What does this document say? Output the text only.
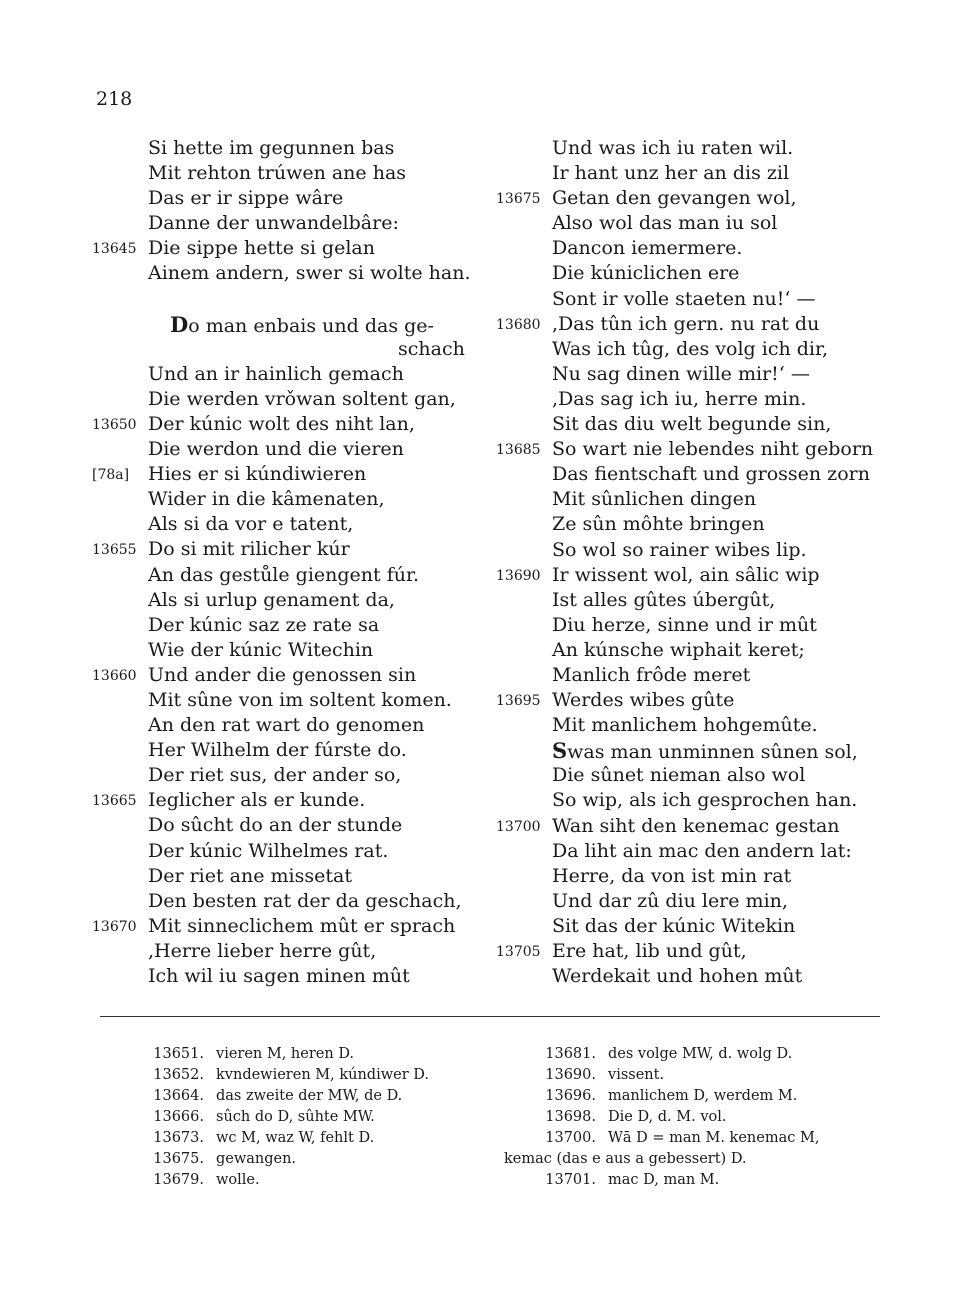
218
Si hette im gegunnen bas
Mit rehton trúwen ane has
Das er ir sippe wâre
Danne der unwandelbâre:
13645 Die sippe hette si gelan
Ainem andern, swer si wolte han.
Do man enbais und das ge-
schach
Und an ir hainlich gemach
Die werden vrǒwan soltent gan,
13650 Der kúnic wolt des niht lan,
Die werdon und die vieren
[78a] Hies er si kúndiwieren
Wider in die kâmenaten,
Als si da vor e tatent,
13655 Do si mit rilicher kúr
An das gestůle giengent fúr.
Als si urlup genament da,
Der kúnic saz ze rate sa
Wie der kúnic Witechin
13660 Und ander die genossen sin
Mit sûne von im soltent komen.
An den rat wart do genomen
Her Wilhelm der fúrste do.
Der riet sus, der ander so,
13665 Ieglicher als er kunde.
Do sûcht do an der stunde
Der kúnic Wilhelmes rat.
Der riet ane missetat
Den besten rat der da geschach,
13670 Mit sinneclichem mût er sprach
,Herre lieber herre gût,
Ich wil iu sagen minen mût
Und was ich iu raten wil.
Ir hant unz her an dis zil
13675 Getan den gevangen wol,
Also wol das man iu sol
Dancon iemermere.
Die kúniclichen ere
Sont ir volle staeten nu!‘ —
13680 ,Das tûn ich gern. nu rat du
Was ich tûg, des volg ich dir,
Nu sag dinen wille mir!‘ —
,Das sag ich iu, herre min.
Sit das diu welt begunde sin,
13685 So wart nie lebendes niht geborn
Das fientschaft und grossen zorn
Mit sûnlichen dingen
Ze sûn môhte bringen
So wol so rainer wibes lip.
13690 Ir wissent wol, ain sâlic wip
Ist alles gûtes úbergût,
Diu herze, sinne und ir mût
An kúnsche wiphait keret;
Manlich frôde meret
13695 Werdes wibes gûte
Mit manlichem hohgemûte.
Swas man unminnen sûnen sol,
Die sûnet nieman also wol
So wip, als ich gesprochen han.
13700 Wan siht den kenemac gestan
Da liht ain mac den andern lat:
Herre, da von ist min rat
Und dar zû diu lere min,
Sit das der kúnic Witekin
13705 Ere hat, lib und gût,
Werdekait und hohen mût
13651. vieren M, heren D.
13652. kvndewieren M, kúndiwer D.
13664. das zweite der MW, de D.
13666. sûch do D, sûhte MW.
13673. wc M, waz W, fehlt D.
13675. gewangen.
13679. wolle.
13681. des volge MW, d. wolg D.
13690. vissent.
13696. manlichem D, werdem M.
13698. Die D, d. M. vol.
13700. Wā D = man M. kenemac M,
kemac (das e aus a gebessert) D.
13701. mac D, man M.
